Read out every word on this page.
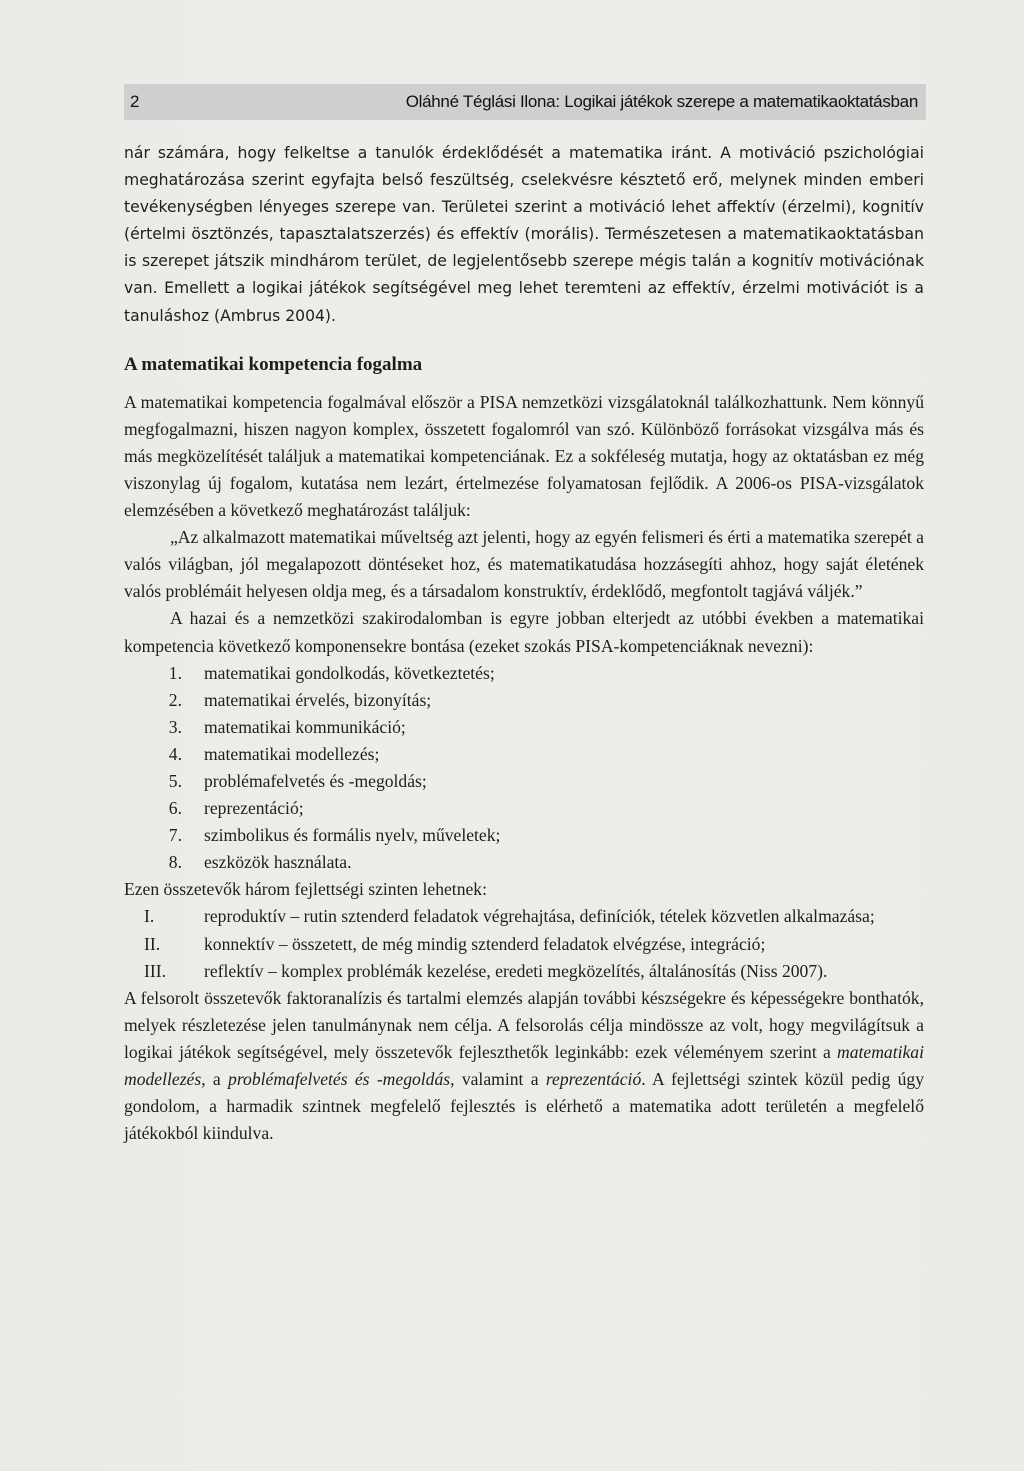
2	Oláhné Téglási Ilona: Logikai játékok szerepe a matematikaoktatásban

nár számára, hogy felkeltse a tanulók érdeklődését a matematika iránt. A motiváció pszichológiai meghatározása szerint egyfajta belső feszültség, cselekvésre késztető erő, melynek minden emberi tevékenységben lényeges szerepe van. Területei szerint a motiváció lehet affektív (érzelmi), kognitív (értelmi ösztönzés, tapasztalatszerzés) és effektív (morális). Természetesen a matematikaoktatásban is szerepet játszik mindhárom terület, de legjelentősebb szerepe mégis talán a kognitív motivációnak van. Emellett a logikai játékok segítségével meg lehet teremteni az effektív, érzelmi motivációt is a tanuláshoz (Ambrus 2004).

A matematikai kompetencia fogalma

A matematikai kompetencia fogalmával először a PISA nemzetközi vizsgálatoknál találkozhattunk. Nem könnyű megfogalmazni, hiszen nagyon komplex, összetett fogalomról van szó. Különböző forrásokat vizsgálva más és más megközelítését találjuk a matematikai kompetenciának. Ez a sokféleség mutatja, hogy az oktatásban ez még viszonylag új fogalom, kutatása nem lezárt, értelmezése folyamatosan fejlődik. A 2006-os PISA-vizsgálatok elemzésében a következő meghatározást találjuk:

„Az alkalmazott matematikai műveltség azt jelenti, hogy az egyén felismeri és érti a matematika szerepét a valós világban, jól megalapozott döntéseket hoz, és matematikatudása hozzásegíti ahhoz, hogy saját életének valós problémáit helyesen oldja meg, és a társadalom konstruktív, érdeklődő, megfontolt tagjává váljék.”

A hazai és a nemzetközi szakirodalomban is egyre jobban elterjedt az utóbbi években a matematikai kompetencia következő komponensekre bontása (ezeket szokás PISA-kompetenciáknak nevezni):

1. matematikai gondolkodás, következtetés;
2. matematikai érvelés, bizonyítás;
3. matematikai kommunikáció;
4. matematikai modellezés;
5. problémafelvetés és -megoldás;
6. reprezentáció;
7. szimbolikus és formális nyelv, műveletek;
8. eszközök használata.

Ezen összetevők három fejlettségi szinten lehetnek:

I.	reproduktív – rutin sztenderd feladatok végrehajtása, definíciók, tételek közvetlen alkalmazása;
II. konnektív – összetett, de még mindig sztenderd feladatok elvégzése, integráció;
III. reflektív – komplex problémák kezelése, eredeti megközelítés, általánosítás (Niss 2007).

A felsorolt összetevők faktoranalízis és tartalmi elemzés alapján további készségekre és képességekre bonthatók, melyek részletezése jelen tanulmánynak nem célja. A felsorolás célja mindössze az volt, hogy megvilágítsuk a logikai játékok segítségével, mely összetevők fejleszthetők leginkább: ezek véleményem szerint a matematikai modellezés, a problémafelvetés és -megoldás, valamint a reprezentáció. A fejlettségi szintek közül pedig úgy gondolom, a harmadik szintnek megfelelő fejlesztés is elérhető a matematika adott területén a megfelelő játékokból kiindulva.
